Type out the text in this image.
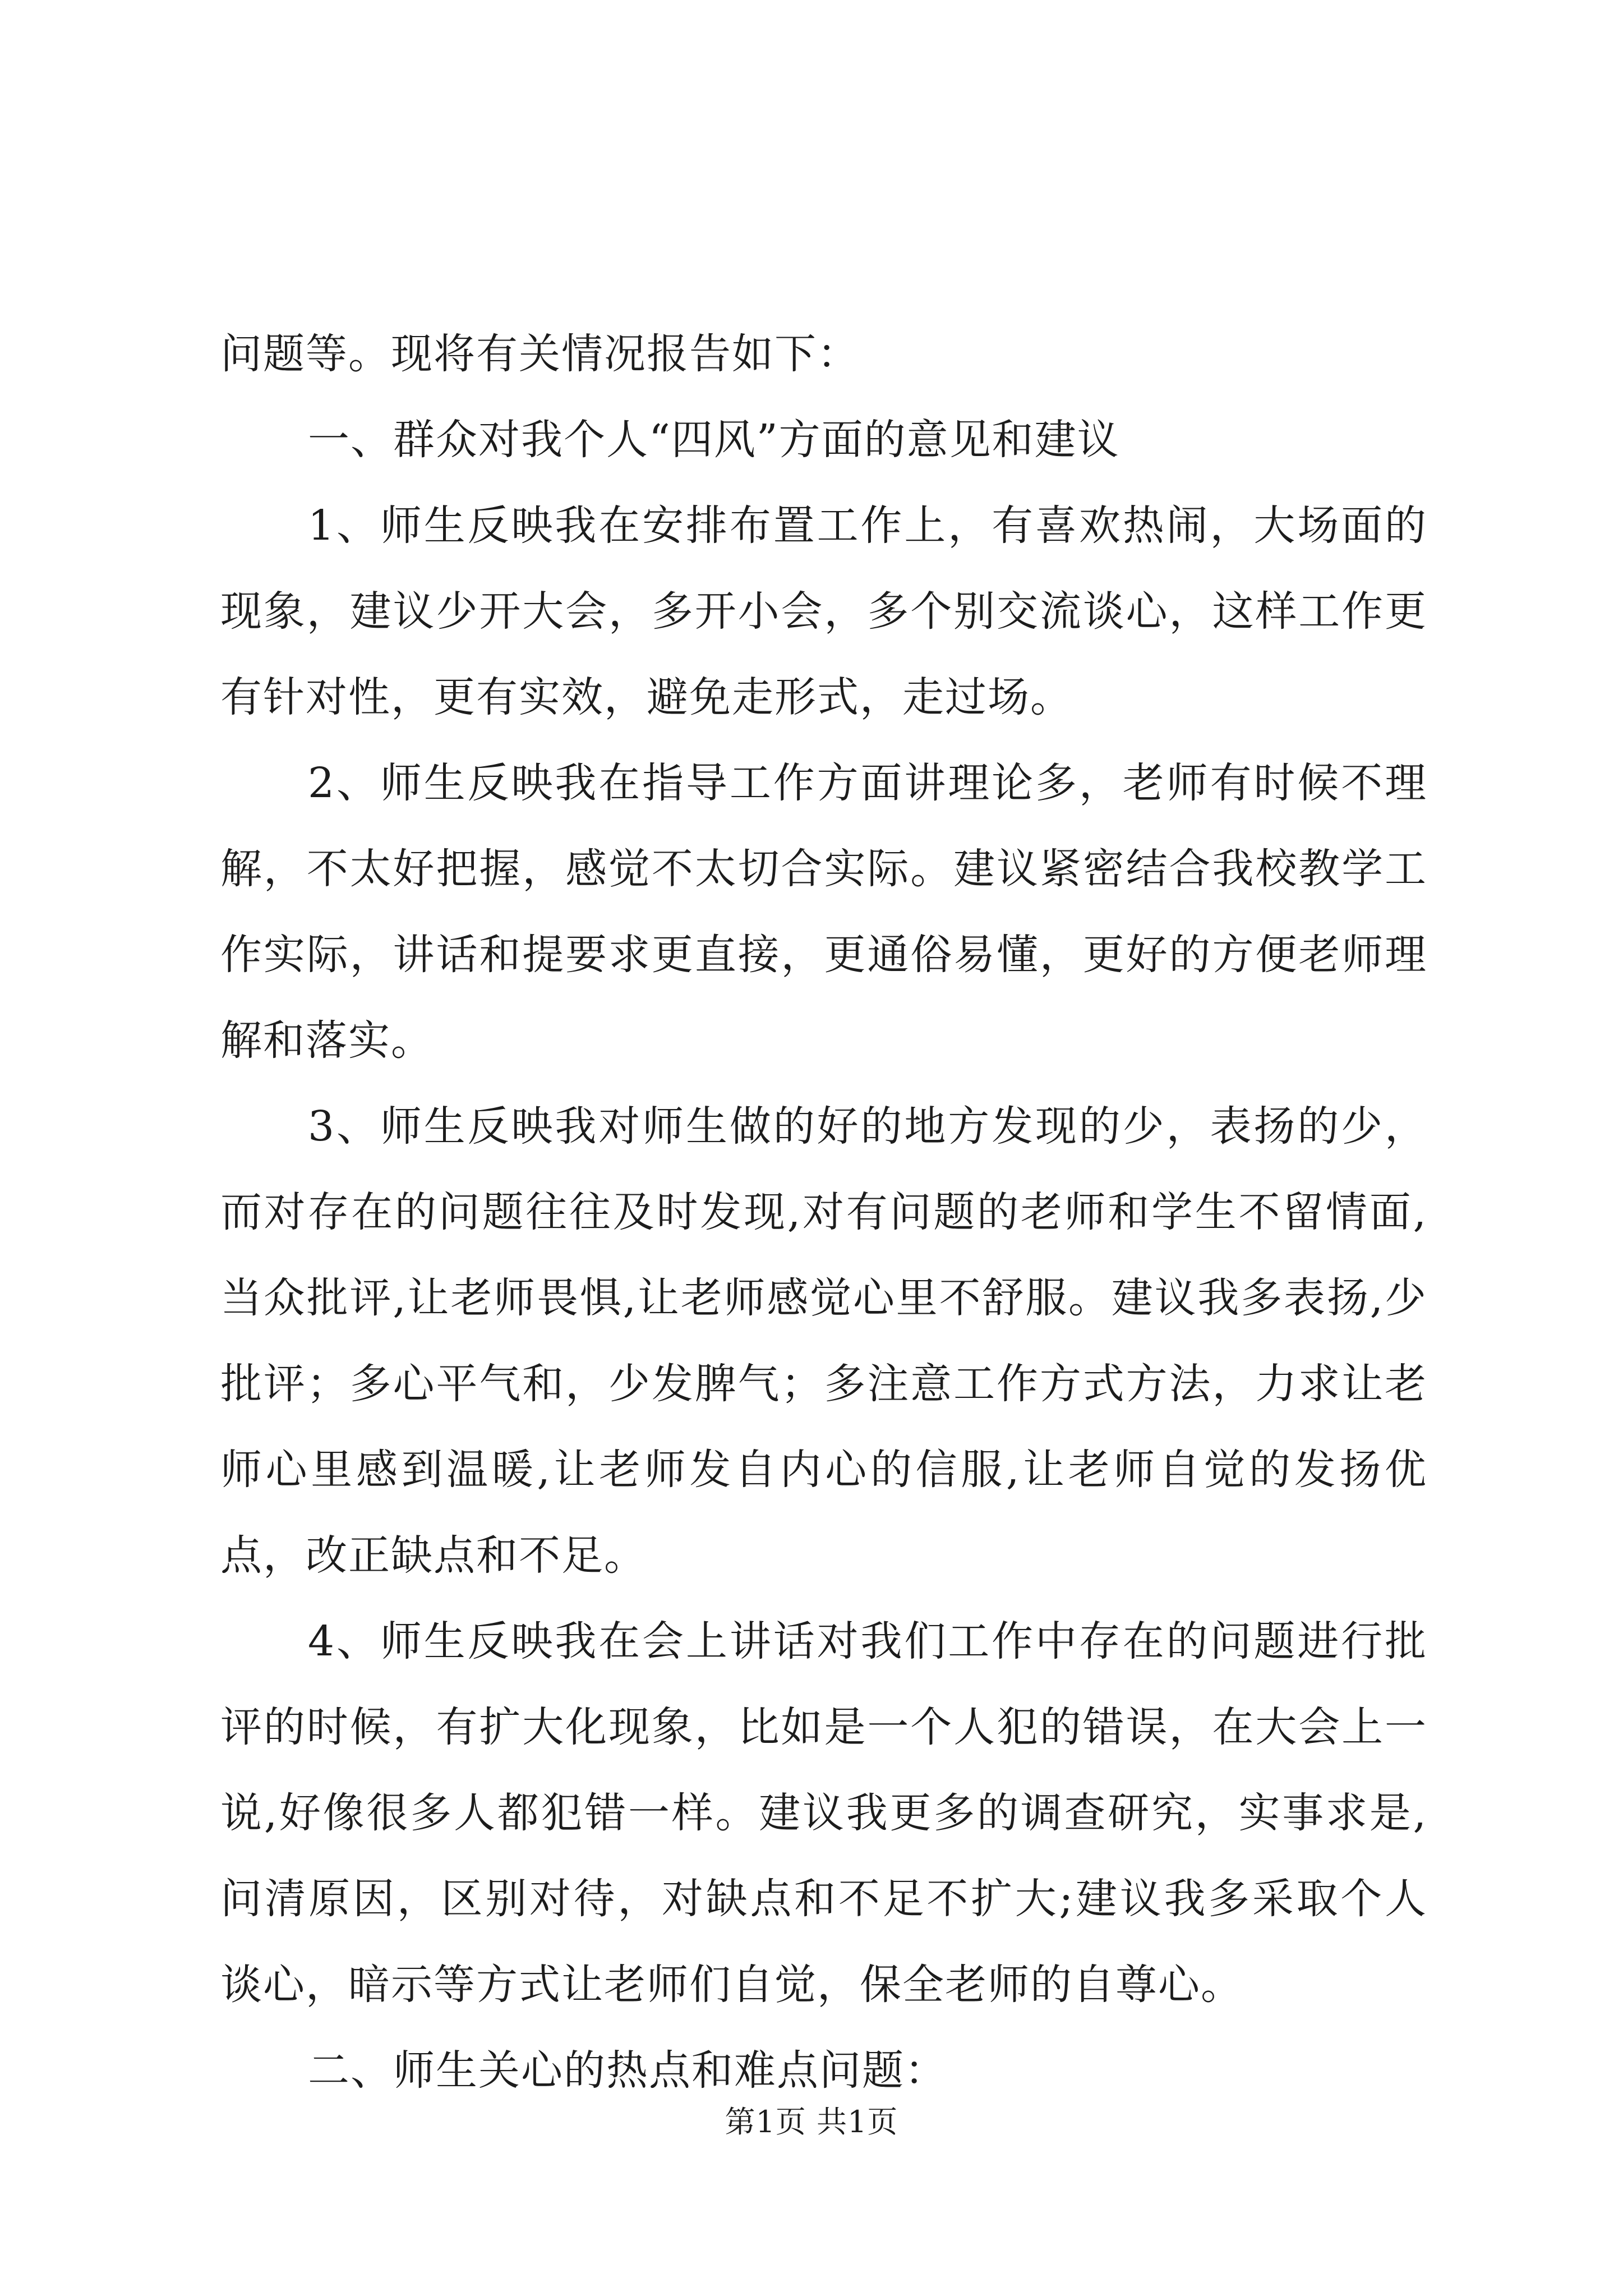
问题等。现将有关情况报告如下：

一、群众对我个人“四风”方面的意见和建议

1、师生反映我在安排布置工作上，有喜欢热闹，大场面的现象，建议少开大会，多开小会，多个别交流谈心，这样工作更有针对性，更有实效，避免走形式，走过场。

2、师生反映我在指导工作方面讲理论多，老师有时候不理解，不太好把握，感觉不太切合实际。建议紧密结合我校教学工作实际，讲话和提要求更直接，更通俗易懂，更好的方便老师理解和落实。

3、师生反映我对师生做的好的地方发现的少，表扬的少，而对存在的问题往往及时发现,对有问题的老师和学生不留情面,当众批评,让老师畏惧,让老师感觉心里不舒服。建议我多表扬,少批评；多心平气和，少发脾气；多注意工作方式方法，力求让老师心里感到温暖,让老师发自内心的信服,让老师自觉的发扬优点，改正缺点和不足。

4、师生反映我在会上讲话对我们工作中存在的问题进行批评的时候，有扩大化现象，比如是一个人犯的错误，在大会上一说,好像很多人都犯错一样。建议我更多的调查研究，实事求是,问清原因，区别对待，对缺点和不足不扩大;建议我多采取个人谈心，暗示等方式让老师们自觉，保全老师的自尊心。

二、师生关心的热点和难点问题：

第1页 共1页
